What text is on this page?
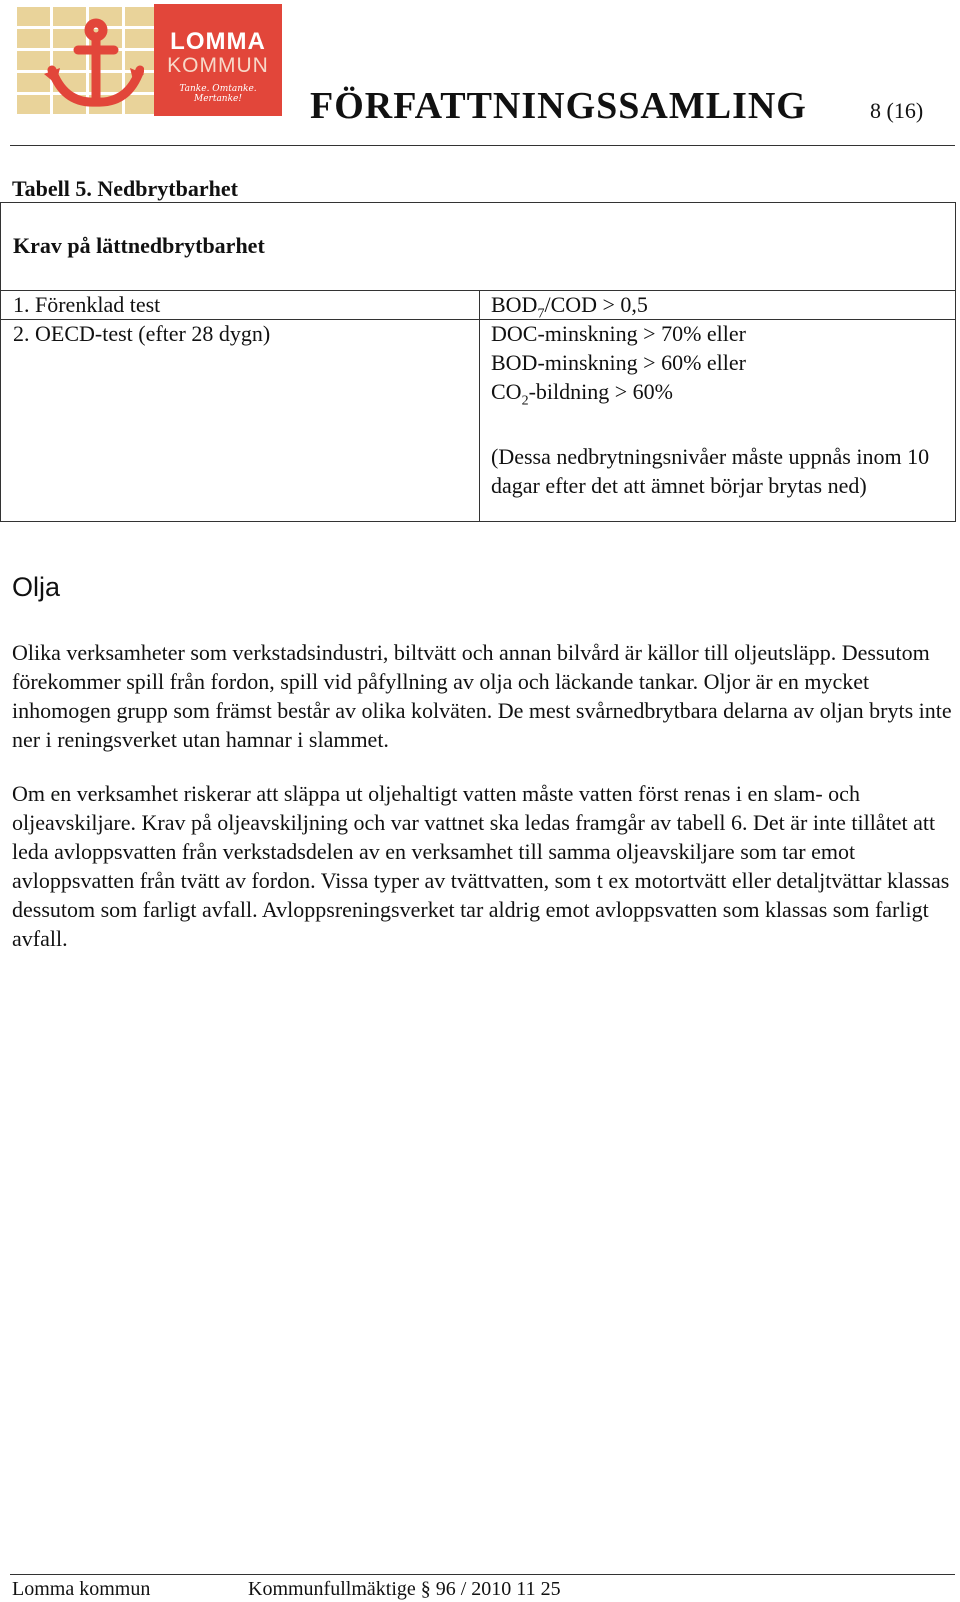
LOMMA
KOMMUN
Tanke. Omtanke. Mertanke!	FÖRFATTNINGSSAMLING	8 (16)
Tabell 5. Nedbrytbarhet
Krav på lättnedbrytbarhet
1. Förenklad test	$BOD_7$/COD > 0,5
2. OECD-test (efter 28 dygn)	DOC-minskning > 70% eller
BOD-minskning > 60% eller
$CO_2$-bildning > 60%
(Dessa nedbrytningsnivåer måste uppnås inom 10 dagar efter det att ämnet börjar brytas ned)
Olja
Olika verksamheter som verkstadsindustri, biltvätt och annan bilvård är källor till oljeutsläpp. Dessutom förekommer spill från fordon, spill vid påfyllning av olja och läckande tankar. Oljor är en mycket inhomogen grupp som främst består av olika kolväten. De mest svårnedbrytbara delarna av oljan bryts inte ner i reningsverket utan hamnar i slammet.
Om en verksamhet riskerar att släppa ut oljehaltigt vatten måste vatten först renas i en slam- och oljeavskiljare. Krav på oljeavskiljning och var vattnet ska ledas framgår av tabell 6. Det är inte tillåtet att leda avloppsvatten från verkstadsdelen av en verksamhet till samma oljeavskiljare som tar emot avloppsvatten från tvätt av fordon. Vissa typer av tvättvatten, som t ex motortvätt eller detaljtvättar klassas dessutom som farligt avfall. Avloppsreningsverket tar aldrig emot avloppsvatten som klassas som farligt avfall.
Lomma kommun	Kommunfullmäktige § 96 / 2010 11 25
